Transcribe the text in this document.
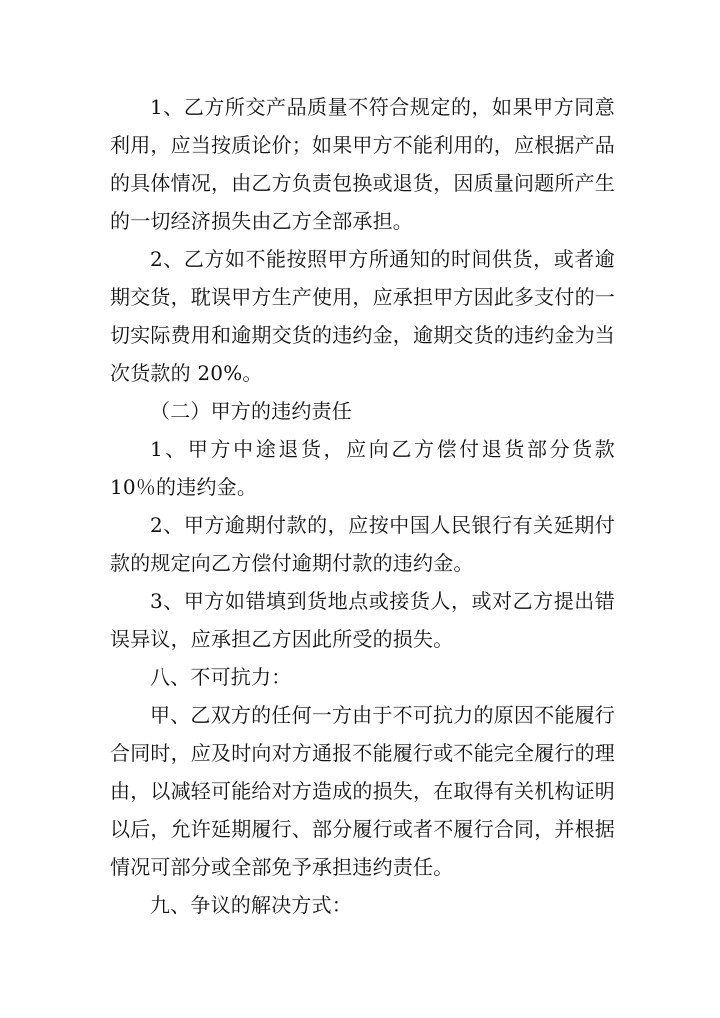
1、乙方所交产品质量不符合规定的，如果甲方同意利用，应当按质论价；如果甲方不能利用的，应根据产品的具体情况，由乙方负责包换或退货，因质量问题所产生的一切经济损失由乙方全部承担。

2、乙方如不能按照甲方所通知的时间供货，或者逾期交货，耽误甲方生产使用，应承担甲方因此多支付的一切实际费用和逾期交货的违约金，逾期交货的违约金为当次货款的 20%。

（二）甲方的违约责任

1、甲方中途退货，应向乙方偿付退货部分货款 10％的违约金。

2、甲方逾期付款的，应按中国人民银行有关延期付款的规定向乙方偿付逾期付款的违约金。

3、甲方如错填到货地点或接货人，或对乙方提出错误异议，应承担乙方因此所受的损失。

八、不可抗力：

甲、乙双方的任何一方由于不可抗力的原因不能履行合同时，应及时向对方通报不能履行或不能完全履行的理由，以减轻可能给对方造成的损失，在取得有关机构证明以后，允许延期履行、部分履行或者不履行合同，并根据情况可部分或全部免予承担违约责任。

九、争议的解决方式：
